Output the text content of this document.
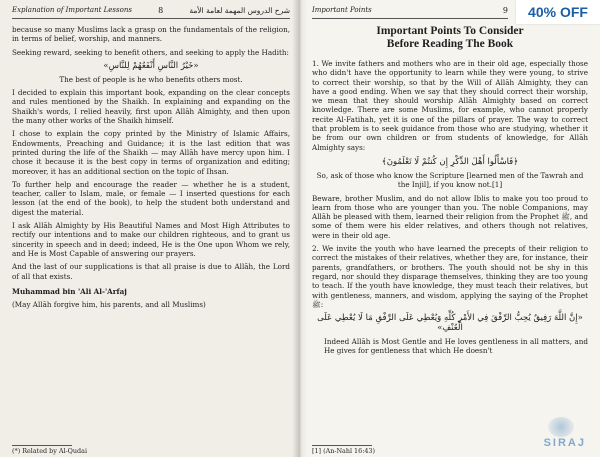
Explanation of Important Lessons	8	شرح الدروس المهمة لعامة الأمة

because so many Muslims lack a grasp on the fundamentals of the religion, in terms of belief, worship, and manners.

Seeking reward, seeking to benefit others, and seeking to apply the Hadith:

«خَيْرُ النَّاسِ أَنْفَعُهُمْ لِلنَّاسِ»

The best of people is he who benefits others most.

I decided to explain this important book, expanding on the clear concepts and rules mentioned by the Shaikh. In explaining and expanding on the Shaikh's words, I relied heavily, first upon Allāh Almighty, and then upon the many other works of the Shaikh himself.

I chose to explain the copy printed by the Ministry of Islamic Affairs, Endowments, Preaching and Guidance; it is the last edition that was printed during the life of the Shaikh — may Allāh have mercy upon him. I chose it because it is the best copy in terms of organization and editing; moreover, it has an additional section on the topic of Ihsan.

To further help and encourage the reader — whether he is a student, teacher, caller to Islam, male, or female — I inserted questions for each lesson (at the end of the book), to help the student both understand and digest the material.

I ask Allāh Almighty by His Beautiful Names and Most High Attributes to rectify our intentions and to make our children righteous, and to grant us sincerity in speech and in deed; indeed, He is the One upon Whom we rely, and He is Most Capable of answering our prayers.

And the last of our supplications is that all praise is due to Allāh, the Lord of all that exists.

Muhammad bin 'Ali Al-'Arfaj

(May Allāh forgive him, his parents, and all Muslims)

(*) Related by Al-Qudai
Important Points	9
Important Points To Consider
Before Reading The Book

1. We invite fathers and mothers who are in their old age, especially those who didn't have the opportunity to learn while they were young, to strive to correct their worship, so that by the Will of Allāh Almighty, they can have a good ending. When we say that they should correct their worship, we mean that they should worship Allāh Almighty based on correct knowledge. There are some Muslims, for example, who cannot properly recite Al-Fatihah, yet it is one of the pillars of prayer. The way to correct that problem is to seek guidance from those who are studying, whether it be from our own children or from students of knowledge, for Allāh Almighty says:

﴿فَاسْأَلُوا أَهْلَ الذِّكْرِ إِن كُنتُمْ لَا تَعْلَمُونَ﴾

So, ask of those who know the Scripture [learned men of the Tawrah and the Injil], if you know not.[1]

Beware, brother Muslim, and do not allow Iblis to make you too proud to learn from those who are younger than you. The noble Companions, may Allāh be pleased with them, learned their religion from the Prophet ﷺ, and some of them were his elder relatives, and others though not relatives, were in their old age.

2. We invite the youth who have learned the precepts of their religion to correct the mistakes of their relatives, whether they are, for instance, their parents, grandfathers, or brothers. The youth should not be shy in this regard, nor should they disparage themselves, thinking they are too young to teach. If the youth have knowledge, they must teach their relatives, but with gentleness, manners, and wisdom, applying the saying of the Prophet ﷺ:

«إِنَّ اللَّهَ رَفِيقٌ يُحِبُّ الرِّفْقَ فِي الأَمْرِ كُلِّهِ وَيُعْطِي عَلَى الرِّفْقِ مَا لَا يُعْطِي عَلَى الْعُنْفِ»

Indeed Allāh is Most Gentle and He loves gentleness in all matters, and He gives for gentleness that which He doesn't

[1] (An-Nahl 16:43)
SIRAJ
40% OFF
